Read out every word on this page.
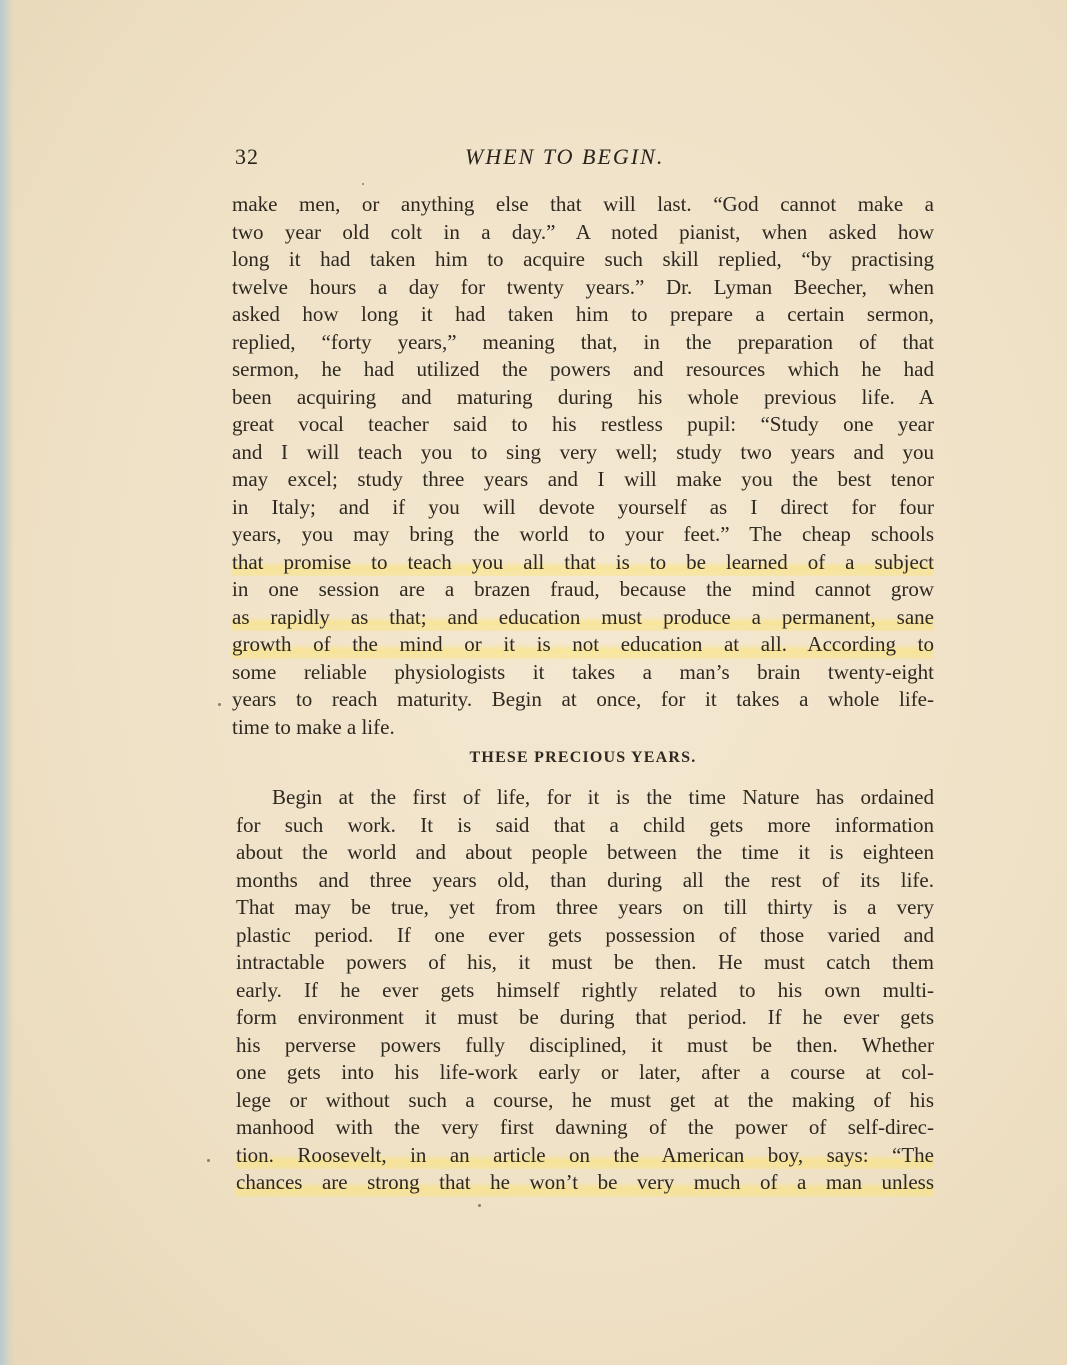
32	WHEN TO BEGIN.
make men, or anything else that will last. “God cannot make a
two year old colt in a day.” A noted pianist, when asked how
long it had taken him to acquire such skill replied, “by practising
twelve hours a day for twenty years.” Dr. Lyman Beecher, when
asked how long it had taken him to prepare a certain sermon,
replied, “forty years,” meaning that, in the preparation of that
sermon, he had utilized the powers and resources which he had
been acquiring and maturing during his whole previous life. A
great vocal teacher said to his restless pupil: “Study one year
and I will teach you to sing very well; study two years and you
may excel; study three years and I will make you the best tenor
in Italy; and if you will devote yourself as I direct for four
years, you may bring the world to your feet.” The cheap schools
that promise to teach you all that is to be learned of a subject
in one session are a brazen fraud, because the mind cannot grow
as rapidly as that; and education must produce a permanent, sane
growth of the mind or it is not education at all. According to
some reliable physiologists it takes a man’s brain twenty-eight
years to reach maturity. Begin at once, for it takes a whole life-
time to make a life.
THESE PRECIOUS YEARS.
Begin at the first of life, for it is the time Nature has ordained
for such work. It is said that a child gets more information
about the world and about people between the time it is eighteen
months and three years old, than during all the rest of its life.
That may be true, yet from three years on till thirty is a very
plastic period. If one ever gets possession of those varied and
intractable powers of his, it must be then. He must catch them
early. If he ever gets himself rightly related to his own multi-
form environment it must be during that period. If he ever gets
his perverse powers fully disciplined, it must be then. Whether
one gets into his life-work early or later, after a course at col-
lege or without such a course, he must get at the making of his
manhood with the very first dawning of the power of self-direc-
tion. Roosevelt, in an article on the American boy, says: “The
chances are strong that he won’t be very much of a man unless
